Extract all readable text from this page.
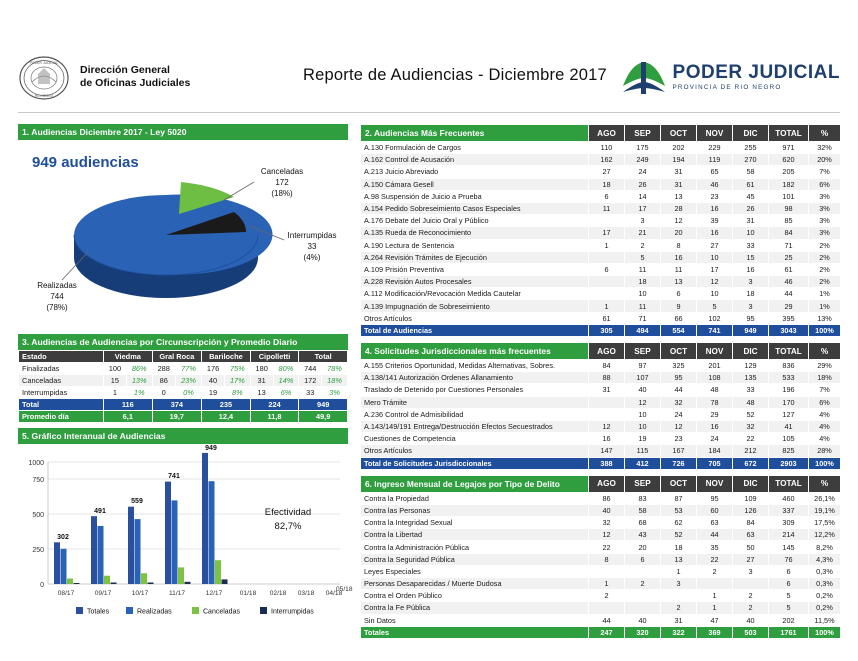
PODER JUDICIAL
RIO NEGRO
Dirección General
de Oficinas Judiciales	Reporte de Audiencias - Diciembre 2017	PODER JUDICIAL
PROVINCIA DE RIO NEGRO
1. Audiencias Diciembre 2017 - Ley 5020
949 audiencias
Canceladas
172
(18%)
Interrumpidas
33
(4%)
Realizadas
744
(78%)
3. Audiencias de Audiencias por Circunscripción y Promedio Diario
Estado	Viedma		Gral Roca		Bariloche		Cipolletti		Total	
Finalizadas	100	86%	288	77%	176	75%	180	80%	744	78%
Canceladas	15	13%	86	23%	40	17%	31	14%	172	18%
Interrumpidas	1	1%	0	0%	19	8%	13	6%	33	3%
Total	116		374		235		224		949	
Promedio día	6,1		19,7		12,4		11,8		49,9	
5. Gráfico Interanual de Audiencias
0
250
500
750
1000
302
491
559
741
949
08/17	09/17	10/17	11/17	12/17	01/18 02/18 03/18 04/18
Totales	Realizadas	Canceladas	Interrumpidas
05/18
Efectividad
82,7%
2. Audiencias Más Frecuentes	AGO	SEP	OCT	NOV	DIC	TOTAL	%
A.130 Formulación de Cargos	110	175	202	229	255	971	32%
A.162 Control de Acusación	162	249	194	119	270	620	20%
A.213 Juicio Abreviado	27	24	31	65	58	205	7%
A.150 Cámara Gesell	18	26	31	46	61	182	6%
A.98 Suspensión de Juicio a Prueba	6	14	13	23	45	101	3%
A.154 Pedido Sobreseimiento Casos Especiales	11	17	28	16	26	98	3%
A.176 Debate del Juicio Oral y Público		3	12	39	31	85	3%
A.135 Rueda de Reconocimiento	17	21	20	16	10	84	3%
A.190 Lectura de Sentencia	1	2	8	27	33	71	2%
A.264 Revisión Trámites de Ejecución		5	16	10	15	25	2%
A.109 Prisión Preventiva	6	11	11	17	16	61	2%
A.228 Revisión Autos Procesales		18	13	12	3	46	2%
A.112 Modificación/Revocación Medida Cautelar		10	6	10	18	44	1%
A.139 Impugnación de Sobreseimiento	1	11	9	5	3	29	1%
Otros Artículos	61	71	66	102	95	395	13%
Total de Audiencias	305	494	554	741	949	3043	100%
4. Solicitudes Jurisdiccionales más frecuentes	AGO	SEP	OCT	NOV	DIC	TOTAL	%
A.155 Criterios Oportunidad, Medidas Alternativas, Sobres.	84	97	325	201	129	836	29%
A.138/141 Autorización Ordenes Allanamiento	88	107	95	108	135	533	18%
Traslado de Detenido por Cuestiones Personales	31	40	44	48	33	196	7%
Mero Trámite		12	32	78	48	170	6%
A.236 Control de Admisibilidad		10	24	29	52	127	4%
A.143/149/191 Entrega/Destrucción Efectos Secuestrados	12	10	12	16	32	41	4%
Cuestiones de Competencia	16	19	23	24	22	105	4%
Otros Artículos	147	115	167	184	212	825	28%
Total de Solicitudes Jurisdiccionales	388	412	726	705	672	2903	100%
6. Ingreso Mensual de Legajos por Tipo de Delito	AGO	SEP	OCT	NOV	DIC	TOTAL	%
Contra la Propiedad	86	83	87	95	109	460	26,1%
Contra las Personas	40	58	53	60	126	337	19,1%
Contra la Integridad Sexual	32	68	62	63	84	309	17,5%
Contra la Libertad	12	43	52	44	63	214	12,2%
Contra la Administración Pública	22	20	18	35	50	145	8,2%
Contra la Seguridad Pública	8	6	13	22	27	76	4,3%
Leyes Especiales			1	2	3	6	0,3%
Personas Desaparecidas / Muerte Dudosa	1	2	3			6	0,3%
Contra el Orden Público	2			1	2	5	0,2%
Contra la Fe Pública			2	1	2	5	0,2%
Sin Datos	44	40	31	47	40	202	11,5%
Totales	247	320	322	369	503	1761	100%
